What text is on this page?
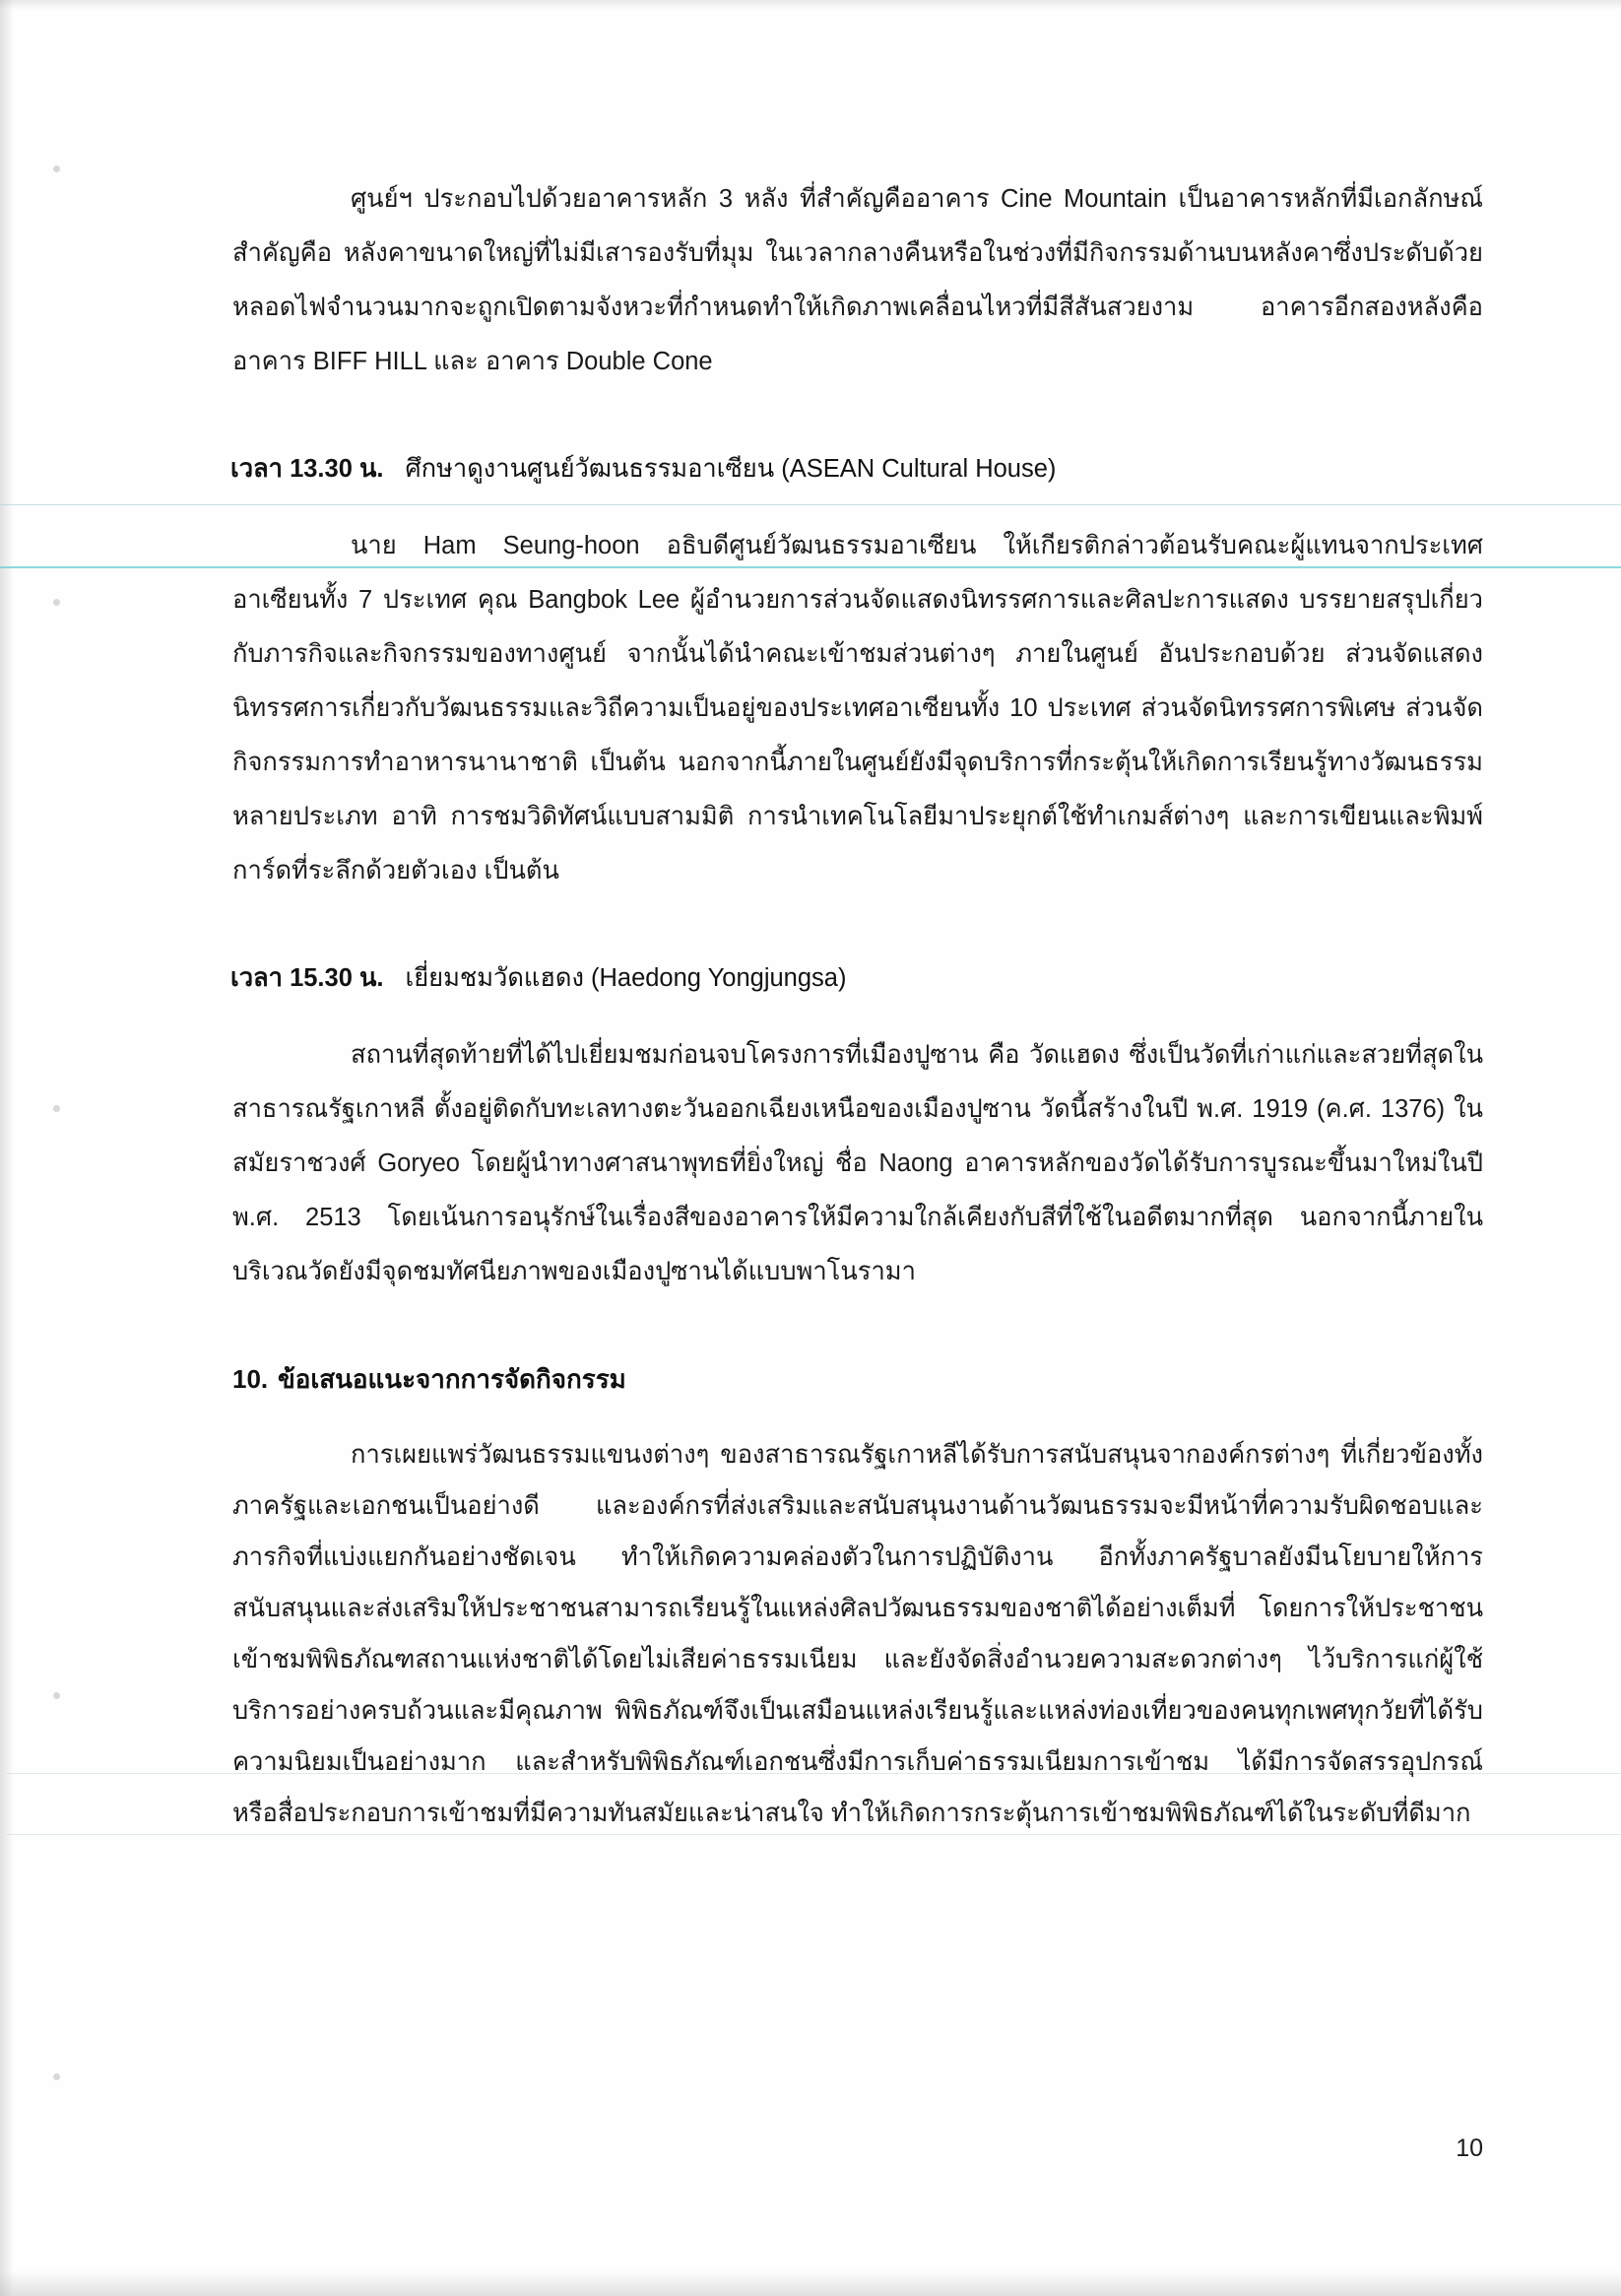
ศูนย์ฯ ประกอบไปด้วยอาคารหลัก 3 หลัง ที่สำคัญคืออาคาร Cine Mountain เป็นอาคารหลักที่มีเอกลักษณ์สำคัญคือ หลังคาขนาดใหญ่ที่ไม่มีเสารองรับที่มุม ในเวลากลางคืนหรือในช่วงที่มีกิจกรรมด้านบนหลังคาซึ่งประดับด้วยหลอดไฟจำนวนมากจะถูกเปิดตามจังหวะที่กำหนดทำให้เกิดภาพเคลื่อนไหวที่มีสีสันสวยงาม อาคารอีกสองหลังคือ อาคาร BIFF HILL และ อาคาร Double Cone

เวลา 13.30 น. ศึกษาดูงานศูนย์วัฒนธรรมอาเซียน (ASEAN Cultural House)

นาย Ham Seung-hoon อธิบดีศูนย์วัฒนธรรมอาเซียน ให้เกียรติกล่าวต้อนรับคณะผู้แทนจากประเทศอาเซียนทั้ง 7 ประเทศ คุณ Bangbok Lee ผู้อำนวยการส่วนจัดแสดงนิทรรศการและศิลปะการแสดง บรรยายสรุปเกี่ยวกับภารกิจและกิจกรรมของทางศูนย์ จากนั้นได้นำคณะเข้าชมส่วนต่างๆ ภายในศูนย์ อันประกอบด้วย ส่วนจัดแสดงนิทรรศการเกี่ยวกับวัฒนธรรมและวิถีความเป็นอยู่ของประเทศอาเซียนทั้ง 10 ประเทศ ส่วนจัดนิทรรศการพิเศษ ส่วนจัดกิจกรรมการทำอาหารนานาชาติ เป็นต้น นอกจากนี้ภายในศูนย์ยังมีจุดบริการที่กระตุ้นให้เกิดการเรียนรู้ทางวัฒนธรรมหลายประเภท อาทิ การชมวิดิทัศน์แบบสามมิติ การนำเทคโนโลยีมาประยุกต์ใช้ทำเกมส์ต่างๆ และการเขียนและพิมพ์การ์ดที่ระลึกด้วยตัวเอง เป็นต้น

เวลา 15.30 น. เยี่ยมชมวัดแฮดง (Haedong Yongjungsa)

สถานที่สุดท้ายที่ได้ไปเยี่ยมชมก่อนจบโครงการที่เมืองปูซาน คือ วัดแฮดง ซึ่งเป็นวัดที่เก่าแก่และสวยที่สุดในสาธารณรัฐเกาหลี ตั้งอยู่ติดกับทะเลทางตะวันออกเฉียงเหนือของเมืองปูซาน วัดนี้สร้างในปี พ.ศ. 1919 (ค.ศ. 1376) ในสมัยราชวงศ์ Goryeo โดยผู้นำทางศาสนาพุทธที่ยิ่งใหญ่ ชื่อ Naong อาคารหลักของวัดได้รับการบูรณะขึ้นมาใหม่ในปี พ.ศ. 2513 โดยเน้นการอนุรักษ์ในเรื่องสีของอาคารให้มีความใกล้เคียงกับสีที่ใช้ในอดีตมากที่สุด นอกจากนี้ภายในบริเวณวัดยังมีจุดชมทัศนียภาพของเมืองปูซานได้แบบพาโนรามา

10. ข้อเสนอแนะจากการจัดกิจกรรม

การเผยแพร่วัฒนธรรมแขนงต่างๆ ของสาธารณรัฐเกาหลีได้รับการสนับสนุนจากองค์กรต่างๆ ที่เกี่ยวข้องทั้งภาครัฐและเอกชนเป็นอย่างดี และองค์กรที่ส่งเสริมและสนับสนุนงานด้านวัฒนธรรมจะมีหน้าที่ความรับผิดชอบและภารกิจที่แบ่งแยกกันอย่างชัดเจน ทำให้เกิดความคล่องตัวในการปฏิบัติงาน อีกทั้งภาครัฐบาลยังมีนโยบายให้การสนับสนุนและส่งเสริมให้ประชาชนสามารถเรียนรู้ในแหล่งศิลปวัฒนธรรมของชาติได้อย่างเต็มที่ โดยการให้ประชาชนเข้าชมพิพิธภัณฑสถานแห่งชาติได้โดยไม่เสียค่าธรรมเนียม และยังจัดสิ่งอำนวยความสะดวกต่างๆ ไว้บริการแก่ผู้ใช้บริการอย่างครบถ้วนและมีคุณภาพ พิพิธภัณฑ์จึงเป็นเสมือนแหล่งเรียนรู้และแหล่งท่องเที่ยวของคนทุกเพศทุกวัยที่ได้รับความนิยมเป็นอย่างมาก และสำหรับพิพิธภัณฑ์เอกชนซึ่งมีการเก็บค่าธรรมเนียมการเข้าชม ได้มีการจัดสรรอุปกรณ์หรือสื่อประกอบการเข้าชมที่มีความทันสมัยและน่าสนใจ ทำให้เกิดการกระตุ้นการเข้าชมพิพิธภัณฑ์ได้ในระดับที่ดีมาก

10
